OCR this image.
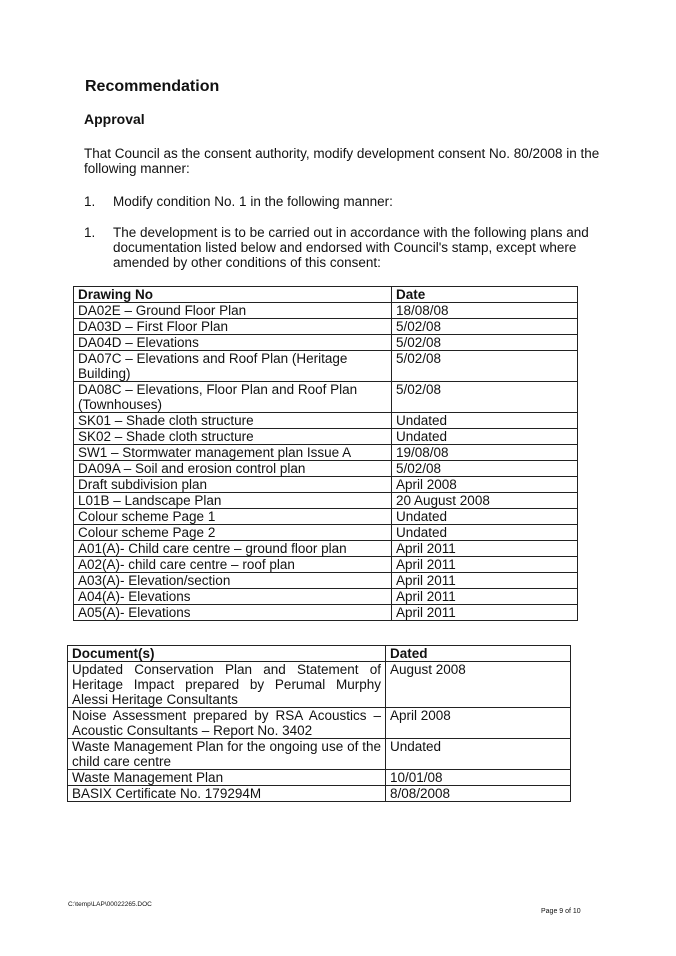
Recommendation
Approval

That Council as the consent authority, modify development consent No. 80/2008 in the following manner:

1. Modify condition No. 1 in the following manner:

1. The development is to be carried out in accordance with the following plans and documentation listed below and endorsed with Council's stamp, except where amended by other conditions of this consent:

Drawing No	Date
DA02E – Ground Floor Plan	18/08/08
DA03D – First Floor Plan	5/02/08
DA04D – Elevations	5/02/08
DA07C – Elevations and Roof Plan (Heritage Building)	5/02/08
DA08C – Elevations, Floor Plan and Roof Plan (Townhouses)	5/02/08
SK01 – Shade cloth structure	Undated
SK02 – Shade cloth structure	Undated
SW1 – Stormwater management plan Issue A	19/08/08
DA09A – Soil and erosion control plan	5/02/08
Draft subdivision plan	April 2008
L01B – Landscape Plan	20 August 2008
Colour scheme Page 1	Undated
Colour scheme Page 2	Undated
A01(A)- Child care centre – ground floor plan	April 2011
A02(A)- child care centre – roof plan	April 2011
A03(A)- Elevation/section	April 2011
A04(A)- Elevations	April 2011
A05(A)- Elevations	April 2011
Document(s)	Dated
Updated Conservation Plan and Statement of Heritage Impact prepared by Perumal Murphy Alessi Heritage Consultants	August 2008
Noise Assessment prepared by RSA Acoustics – Acoustic Consultants – Report No. 3402	April 2008
Waste Management Plan for the ongoing use of the child care centre	Undated
Waste Management Plan	10/01/08
BASIX Certificate No. 179294M	8/08/2008
C:\temp\LAP\00022265.DOC
Page 9 of 10
